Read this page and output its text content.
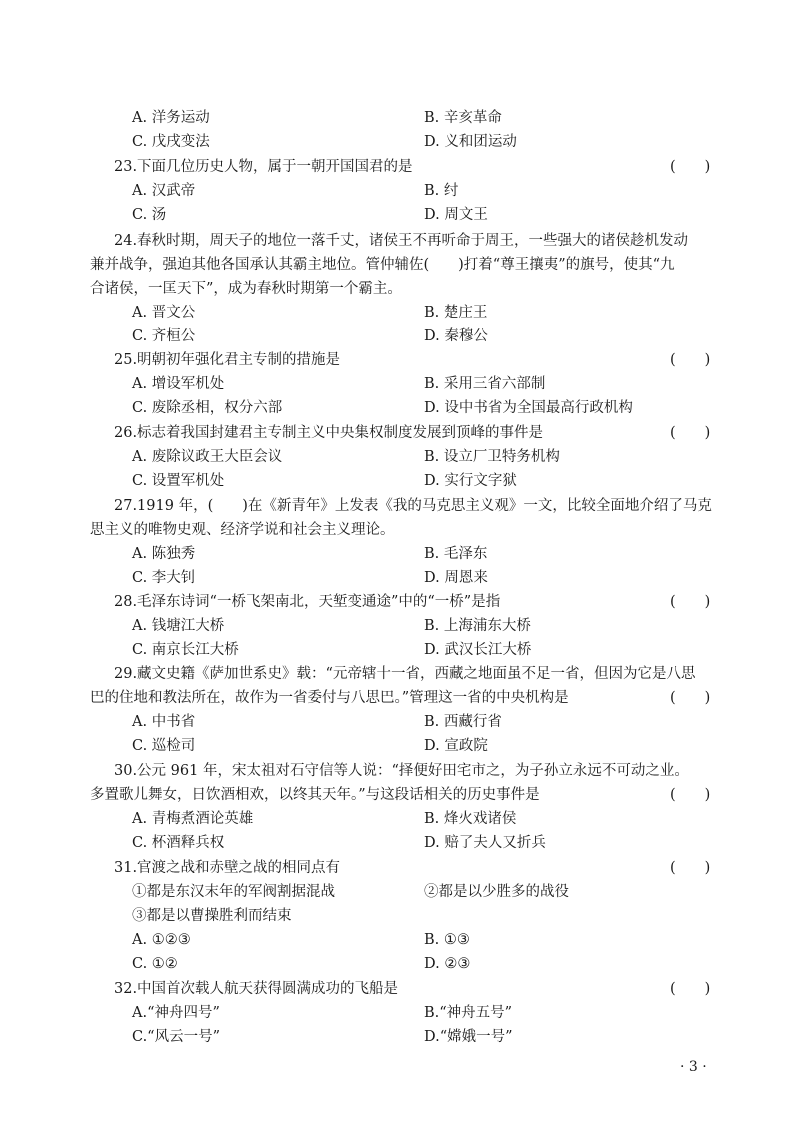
A. 洋务运动	B. 辛亥革命
C. 戊戌变法	D. 义和团运动
23.下面几位历史人物，属于一朝开国国君的是	(　　)
A. 汉武帝	B. 纣
C. 汤	D. 周文王
24.春秋时期，周天子的地位一落千丈，诸侯王不再听命于周王，一些强大的诸侯趁机发动
兼并战争，强迫其他各国承认其霸主地位。管仲辅佐(　　)打着“尊王攘夷”的旗号，使其“九
合诸侯，一匡天下”，成为春秋时期第一个霸主。
A. 晋文公	B. 楚庄王
C. 齐桓公	D. 秦穆公
25.明朝初年强化君主专制的措施是	(　　)
A. 增设军机处	B. 采用三省六部制
C. 废除丞相，权分六部	D. 设中书省为全国最高行政机构
26.标志着我国封建君主专制主义中央集权制度发展到顶峰的事件是	(　　)
A. 废除议政王大臣会议	B. 设立厂卫特务机构
C. 设置军机处	D. 实行文字狱
27.1919 年，(　　)在《新青年》上发表《我的马克思主义观》一文，比较全面地介绍了马克
思主义的唯物史观、经济学说和社会主义理论。
A. 陈独秀	B. 毛泽东
C. 李大钊	D. 周恩来
28.毛泽东诗词“一桥飞架南北，天堑变通途”中的“一桥”是指	(　　)
A. 钱塘江大桥	B. 上海浦东大桥
C. 南京长江大桥	D. 武汉长江大桥
29.藏文史籍《萨加世系史》载：“元帝辖十一省，西藏之地面虽不足一省，但因为它是八思
巴的住地和教法所在，故作为一省委付与八思巴。”管理这一省的中央机构是	(　　)
A. 中书省	B. 西藏行省
C. 巡检司	D. 宣政院
30.公元 961 年，宋太祖对石守信等人说：“择便好田宅市之，为子孙立永远不可动之业。
多置歌儿舞女，日饮酒相欢，以终其天年。”与这段话相关的历史事件是	(　　)
A. 青梅煮酒论英雄	B. 烽火戏诸侯
C. 杯酒释兵权	D. 赔了夫人又折兵
31.官渡之战和赤壁之战的相同点有	(　　)
①都是东汉末年的军阀割据混战	②都是以少胜多的战役
③都是以曹操胜利而结束
A. ①②③	B. ①③
C. ①②	D. ②③
32.中国首次载人航天获得圆满成功的飞船是	(　　)
A.“神舟四号”	B.“神舟五号”
C.“风云一号”	D.“嫦娥一号”
· 3 ·
